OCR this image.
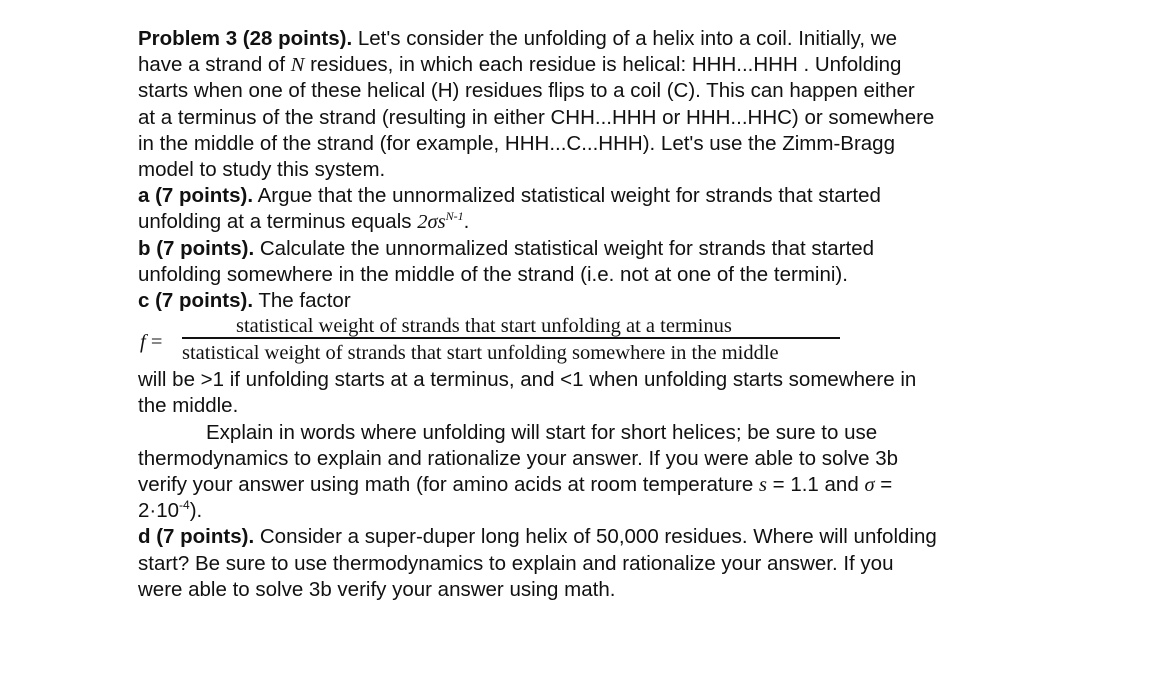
Problem 3 (28 points). Let's consider the unfolding of a helix into a coil. Initially, we
have a strand of N residues, in which each residue is helical: HHH...HHH . Unfolding
starts when one of these helical (H) residues flips to a coil (C). This can happen either
at a terminus of the strand (resulting in either CHH...HHH or HHH...HHC) or somewhere
in the middle of the strand (for example, HHH...C...HHH). Let's use the Zimm-Bragg
model to study this system.
a (7 points). Argue that the unnormalized statistical weight for strands that started
unfolding at a terminus equals $2\sigma s^{N-1}$.
b (7 points). Calculate the unnormalized statistical weight for strands that started
unfolding somewhere in the middle of the strand (i.e. not at one of the termini).
c (7 points). The factor
f =
statistical weight of strands that start unfolding at a terminus
statistical weight of strands that start unfolding somewhere in the middle
will be >1 if unfolding starts at a terminus, and <1 when unfolding starts somewhere in
the middle.
Explain in words where unfolding will start for short helices; be sure to use
thermodynamics to explain and rationalize your answer. If you were able to solve 3b
verify your answer using math (for amino acids at room temperature s = 1.1 and σ =
$2\cdot 10^{-4}$).
d (7 points). Consider a super-duper long helix of 50,000 residues. Where will unfolding
start? Be sure to use thermodynamics to explain and rationalize your answer. If you
were able to solve 3b verify your answer using math.
